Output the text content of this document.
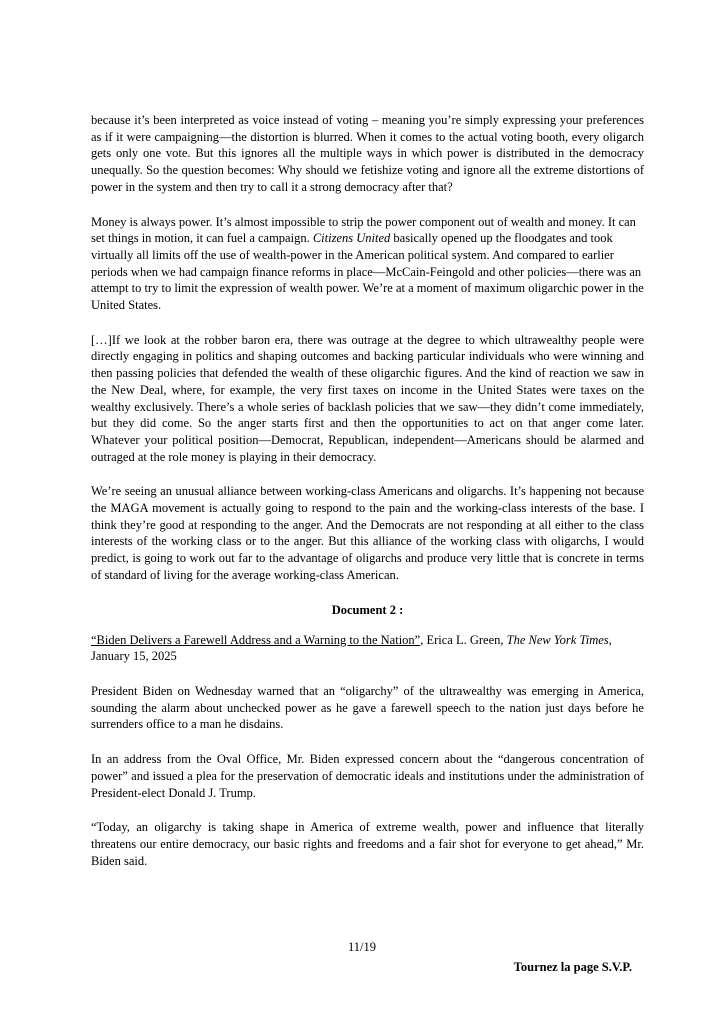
because it’s been interpreted as voice instead of voting – meaning you’re simply expressing your preferences as if it were campaigning—the distortion is blurred. When it comes to the actual voting booth, every oligarch gets only one vote. But this ignores all the multiple ways in which power is distributed in the democracy unequally. So the question becomes: Why should we fetishize voting and ignore all the extreme distortions of power in the system and then try to call it a strong democracy after that?

Money is always power. It’s almost impossible to strip the power component out of wealth and money. It can set things in motion, it can fuel a campaign. Citizens United basically opened up the floodgates and took virtually all limits off the use of wealth-power in the American political system. And compared to earlier periods when we had campaign finance reforms in place—McCain-Feingold and other policies—there was an attempt to try to limit the expression of wealth power. We’re at a moment of maximum oligarchic power in the United States.

[…]If we look at the robber baron era, there was outrage at the degree to which ultrawealthy people were directly engaging in politics and shaping outcomes and backing particular individuals who were winning and then passing policies that defended the wealth of these oligarchic figures. And the kind of reaction we saw in the New Deal, where, for example, the very first taxes on income in the United States were taxes on the wealthy exclusively. There’s a whole series of backlash policies that we saw—they didn’t come immediately, but they did come. So the anger starts first and then the opportunities to act on that anger come later. Whatever your political position—Democrat, Republican, independent—Americans should be alarmed and outraged at the role money is playing in their democracy.

We’re seeing an unusual alliance between working-class Americans and oligarchs. It’s happening not because the MAGA movement is actually going to respond to the pain and the working-class interests of the base. I think they’re good at responding to the anger. And the Democrats are not responding at all either to the class interests of the working class or to the anger. But this alliance of the working class with oligarchs, I would predict, is going to work out far to the advantage of oligarchs and produce very little that is concrete in terms of standard of living for the average working-class American.

Document 2 :

“Biden Delivers a Farewell Address and a Warning to the Nation”, Erica L. Green, The New York Times, January 15, 2025

President Biden on Wednesday warned that an “oligarchy” of the ultrawealthy was emerging in America, sounding the alarm about unchecked power as he gave a farewell speech to the nation just days before he surrenders office to a man he disdains.

In an address from the Oval Office, Mr. Biden expressed concern about the “dangerous concentration of power” and issued a plea for the preservation of democratic ideals and institutions under the administration of President-elect Donald J. Trump.

“Today, an oligarchy is taking shape in America of extreme wealth, power and influence that literally threatens our entire democracy, our basic rights and freedoms and a fair shot for everyone to get ahead,” Mr. Biden said.

11/19
Tournez la page S.V.P.
